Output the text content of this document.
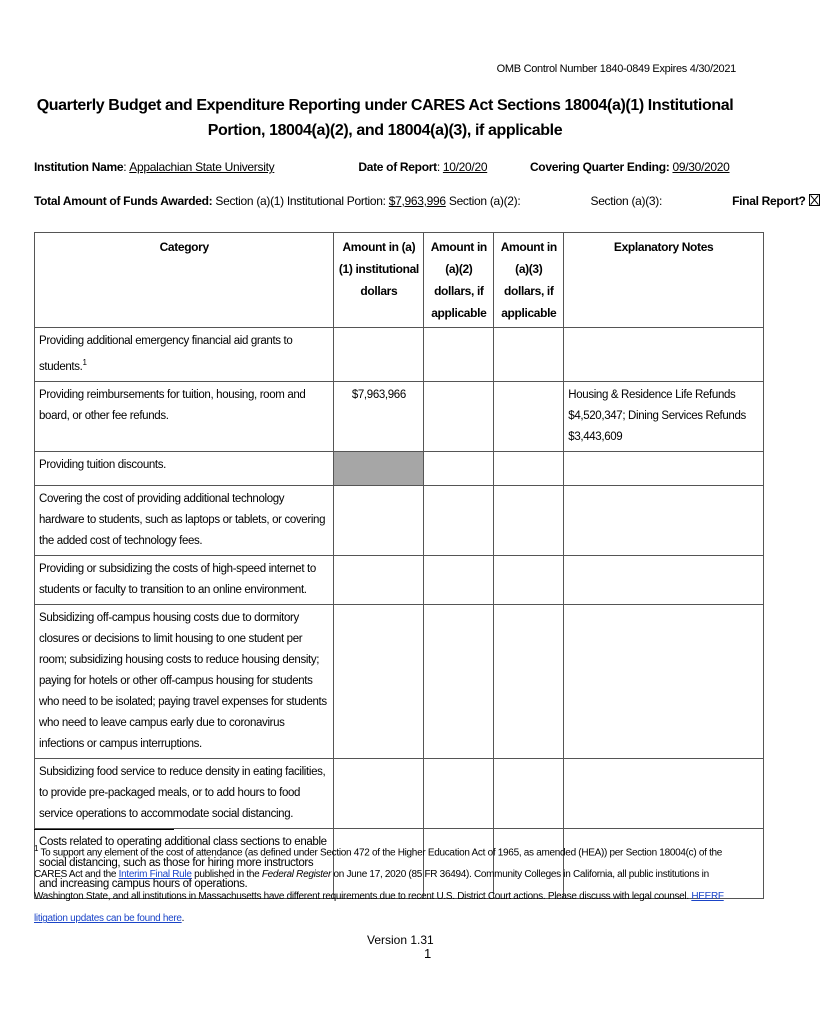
OMB Control Number 1840-0849 Expires 4/30/2021
Quarterly Budget and Expenditure Reporting under CARES Act Sections 18004(a)(1) Institutional Portion, 18004(a)(2), and 18004(a)(3), if applicable
Institution Name: Appalachian State University	Date of Report: 10/20/20	Covering Quarter Ending: 09/30/2020
Total Amount of Funds Awarded: Section (a)(1) Institutional Portion: $7,963,996 Section (a)(2):	Section (a)(3):	Final Report?
Category	Amount in (a)(1) institutional dollars	Amount in (a)(2) dollars, if applicable	Amount in (a)(3) dollars, if applicable	Explanatory Notes
Providing additional emergency financial aid grants to students.$^1$				
Providing reimbursements for tuition, housing, room and board, or other fee refunds.	$7,963,966			Housing & Residence Life Refunds $4,520,347; Dining Services Refunds $3,443,609
Providing tuition discounts.				
Covering the cost of providing additional technology hardware to students, such as laptops or tablets, or covering the added cost of technology fees.				
Providing or subsidizing the costs of high-speed internet to students or faculty to transition to an online environment.				
Subsidizing off-campus housing costs due to dormitory closures or decisions to limit housing to one student per room; subsidizing housing costs to reduce housing density; paying for hotels or other off-campus housing for students who need to be isolated; paying travel expenses for students who need to leave campus early due to coronavirus infections or campus interruptions.				
Subsidizing food service to reduce density in eating facilities, to provide pre-packaged meals, or to add hours to food service operations to accommodate social distancing.				
Costs related to operating additional class sections to enable social distancing, such as those for hiring more instructors and increasing campus hours of operations.				
$^1$ To support any element of the cost of attendance (as defined under Section 472 of the Higher Education Act of 1965, as amended (HEA)) per Section 18004(c) of the CARES Act and the Interim Final Rule published in the Federal Register on June 17, 2020 (85 FR 36494). Community Colleges in California, all public institutions in Washington State, and all institutions in Massachusetts have different requirements due to recent U.S. District Court actions. Please discuss with legal counsel. HEERF litigation updates can be found here.
Version 1.31
1
